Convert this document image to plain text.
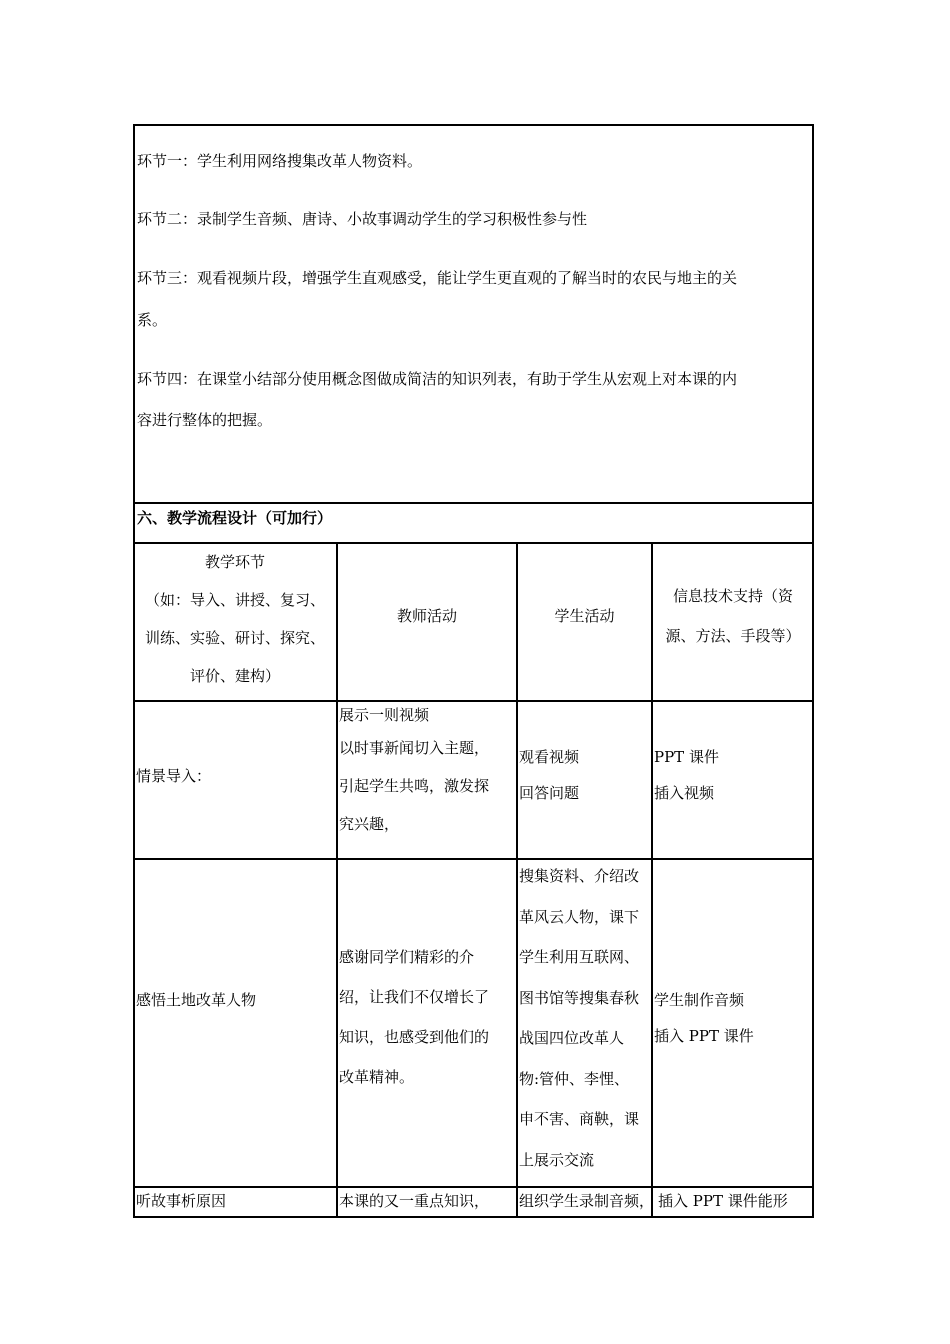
环节一：学生利用网络搜集改革人物资料。
环节二：录制学生音频、唐诗、小故事调动学生的学习积极性参与性
环节三：观看视频片段，增强学生直观感受，能让学生更直观的了解当时的农民与地主的关
系。
环节四：在课堂小结部分使用概念图做成简洁的知识列表，有助于学生从宏观上对本课的内
容进行整体的把握。
六、教学流程设计（可加行）
教学环节
（如：导入、讲授、复习、
训练、实验、研讨、探究、
评价、建构）
教师活动	学生活动
信息技术支持（资
源、方法、手段等）
情景导入：
展示一则视频
以时事新闻切入主题，
引起学生共鸣，激发探
究兴趣，
观看视频
回答问题
PPT 课件
插入视频
感悟土地改革人物
感谢同学们精彩的介
绍，让我们不仅增长了
知识，也感受到他们的
改革精神。
搜集资料、介绍改
革风云人物，课下
学生利用互联网、
图书馆等搜集春秋
战国四位改革人
物:管仲、李悝、
申不害、商鞅，课
上展示交流
学生制作音频
插入 PPT 课件
听故事析原因	本课的又一重点知识， 组织学生录制音频， 插入 PPT 课件能形
